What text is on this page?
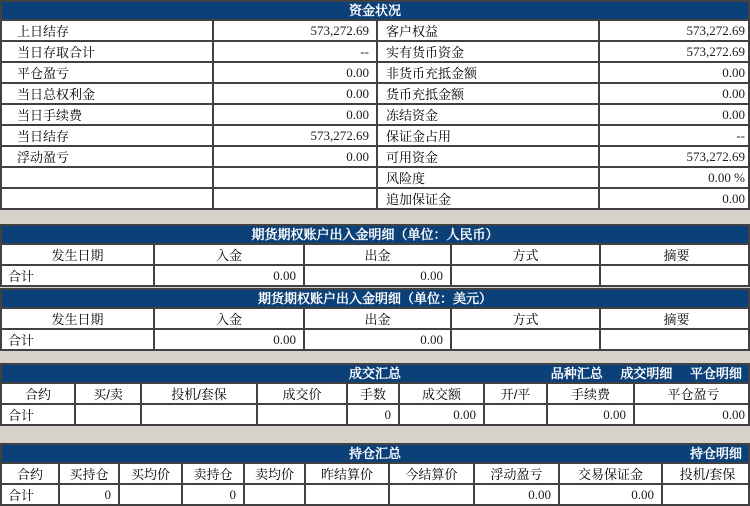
资金状况
上日结存	573,272.69	客户权益	573,272.69
当日存取合计	--	实有货币资金	573,272.69
平仓盈亏	0.00	非货币充抵金额	0.00
当日总权利金	0.00	货币充抵金额	0.00
当日手续费	0.00	冻结资金	0.00
当日结存	573,272.69	保证金占用	--
浮动盈亏	0.00	可用资金	573,272.69
		风险度	0.00 %
		追加保证金	0.00
期货期权账户出入金明细（单位：人民币）
发生日期	入金	出金	方式	摘要
合计	0.00	0.00		
期货期权账户出入金明细（单位：美元）
发生日期	入金	出金	方式	摘要
合计	0.00	0.00		
成交汇总	品种汇总 成交明细 平仓明细
合约	买/卖	投机/套保	成交价	手数	成交额	开/平	手续费	平仓盈亏
合计				0	0.00		0.00	0.00
持仓汇总	持仓明细
合约	买持仓	买均价	卖持仓	卖均价	昨结算价	今结算价	浮动盈亏	交易保证金	投机/套保
合计	0		0				0.00	0.00	
